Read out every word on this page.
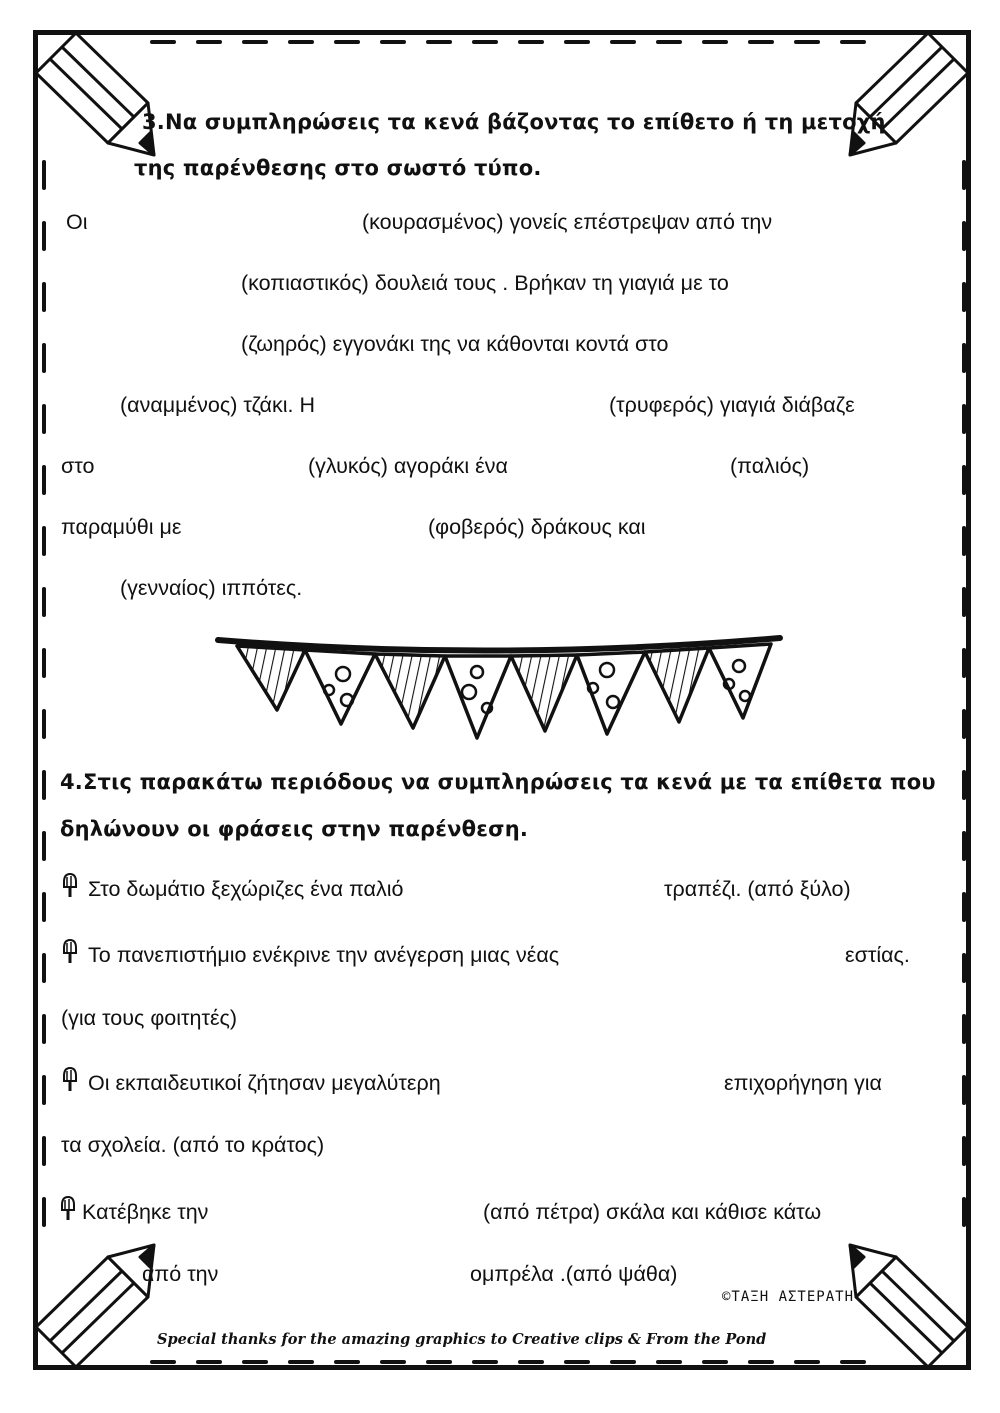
3.Να συμπληρώσεις τα κενά βάζοντας το επίθετο ή τη μετοχή
της παρένθεσης στο σωστό τύπο.
Οι	(κουρασμένος) γονείς επέστρεψαν από την
(κοπιαστικός) δουλειά τους . Βρήκαν τη γιαγιά με το
(ζωηρός) εγγονάκι της να κάθονται κοντά στο
(αναμμένος) τζάκι. Η	(τρυφερός) γιαγιά διάβαζε
στο	(γλυκός) αγοράκι ένα	(παλιός)
παραμύθι με	(φοβερός) δράκους και
(γενναίος) ιππότες.
4.Στις παρακάτω περιόδους να συμπληρώσεις τα κενά με τα επίθετα που
δηλώνουν οι φράσεις στην παρένθεση.
Στο δωμάτιο ξεχώριζες ένα παλιό	τραπέζι. (από ξύλο)
Το πανεπιστήμιο ενέκρινε την ανέγερση μιας νέας	εστίας.
(για τους φοιτητές)
Οι εκπαιδευτικοί ζήτησαν μεγαλύτερη	επιχορήγηση για
τα σχολεία. (από το κράτος)
Κατέβηκε την	(από πέτρα) σκάλα και κάθισε κάτω
από την	ομπρέλα .(από ψάθα)
©ΤΑΞΗ ΑΣΤΕΡΑΤΗ
Special thanks for the amazing graphics to Creative clips & From the Pond
